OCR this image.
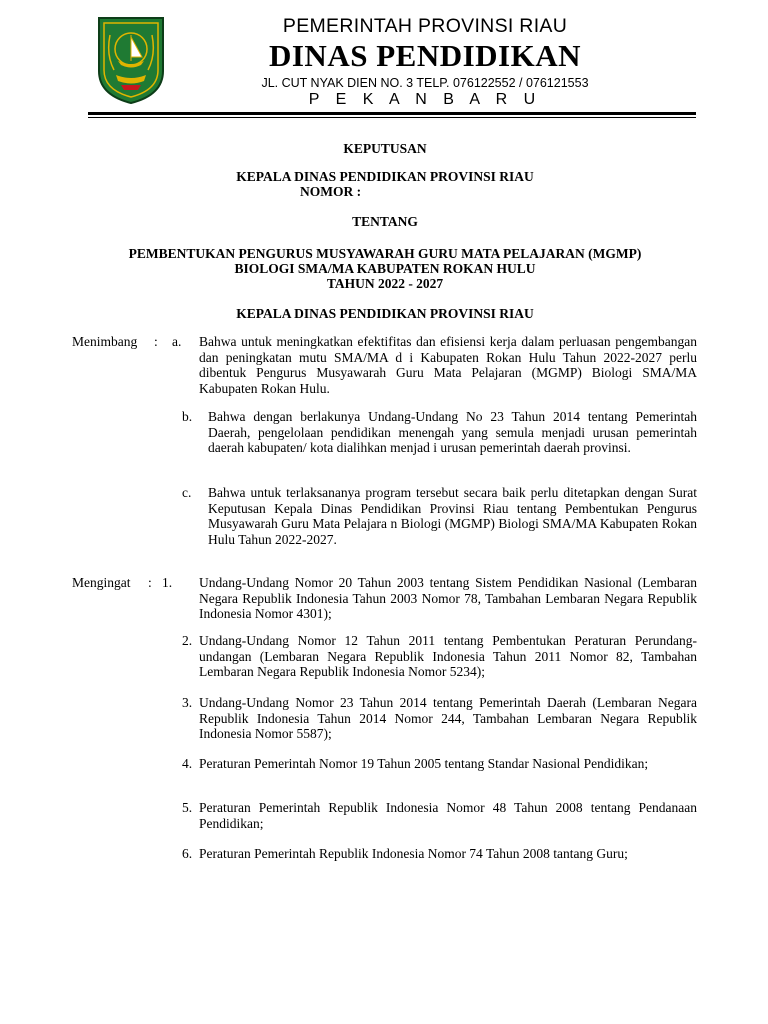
PEMERINTAH PROVINSI RIAU
DINAS PENDIDIKAN
JL. CUT NYAK DIEN NO. 3 TELP. 076122552 / 076121553
P E K A N B A R U

KEPUTUSAN

KEPALA DINAS PENDIDIKAN PROVINSI RIAU

NOMOR :

TENTANG

PEMBENTUKAN PENGURUS MUSYAWARAH GURU MATA PELAJARAN (MGMP)

BIOLOGI SMA/MA KABUPATEN ROKAN HULU

TAHUN 2022 - 2027

KEPALA DINAS PENDIDIKAN PROVINSI RIAU

Menimbang : a.	Bahwa untuk meningkatkan efektifitas dan efisiensi kerja dalam perluasan pengembangan dan peningkatan mutu SMA/MA d i Kabupaten Rokan Hulu Tahun 2022-2027 perlu dibentuk Pengurus Musyawarah Guru Mata Pelajaran (MGMP) Biologi SMA/MA Kabupaten Rokan Hulu.
b.	Bahwa dengan berlakunya Undang-Undang No 23 Tahun 2014 tentang Pemerintah Daerah, pengelolaan pendidikan menengah yang semula menjadi urusan pemerintah daerah kabupaten/ kota dialihkan menjad i urusan pemerintah daerah provinsi.
c.	Bahwa untuk terlaksananya program tersebut secara baik perlu ditetapkan dengan Surat Keputusan Kepala Dinas Pendidikan Provinsi Riau tentang Pembentukan Pengurus Musyawarah Guru Mata Pelajara n Biologi (MGMP) Biologi SMA/MA Kabupaten Rokan Hulu Tahun 2022-2027.
Mengingat : 1.	Undang-Undang Nomor 20 Tahun 2003 tentang Sistem Pendidikan Nasional (Lembaran Negara Republik Indonesia Tahun 2003 Nomor 78, Tambahan Lembaran Negara Republik Indonesia Nomor 4301);
2. Undang-Undang Nomor 12 Tahun 2011 tentang Pembentukan Peraturan Perundang- undangan (Lembaran Negara Republik Indonesia Tahun 2011 Nomor 82, Tambahan Lembaran Negara Republik Indonesia Nomor 5234);
3. Undang-Undang Nomor 23 Tahun 2014 tentang Pemerintah Daerah (Lembaran Negara Republik Indonesia Tahun 2014 Nomor 244, Tambahan Lembaran Negara Republik Indonesia Nomor 5587);
4. Peraturan Pemerintah Nomor 19 Tahun 2005 tentang Standar Nasional Pendidikan;
5. Peraturan Pemerintah Republik Indonesia Nomor 48 Tahun 2008 tentang Pendanaan Pendidikan;
6. Peraturan Pemerintah Republik Indonesia Nomor 74 Tahun 2008 tantang Guru;
